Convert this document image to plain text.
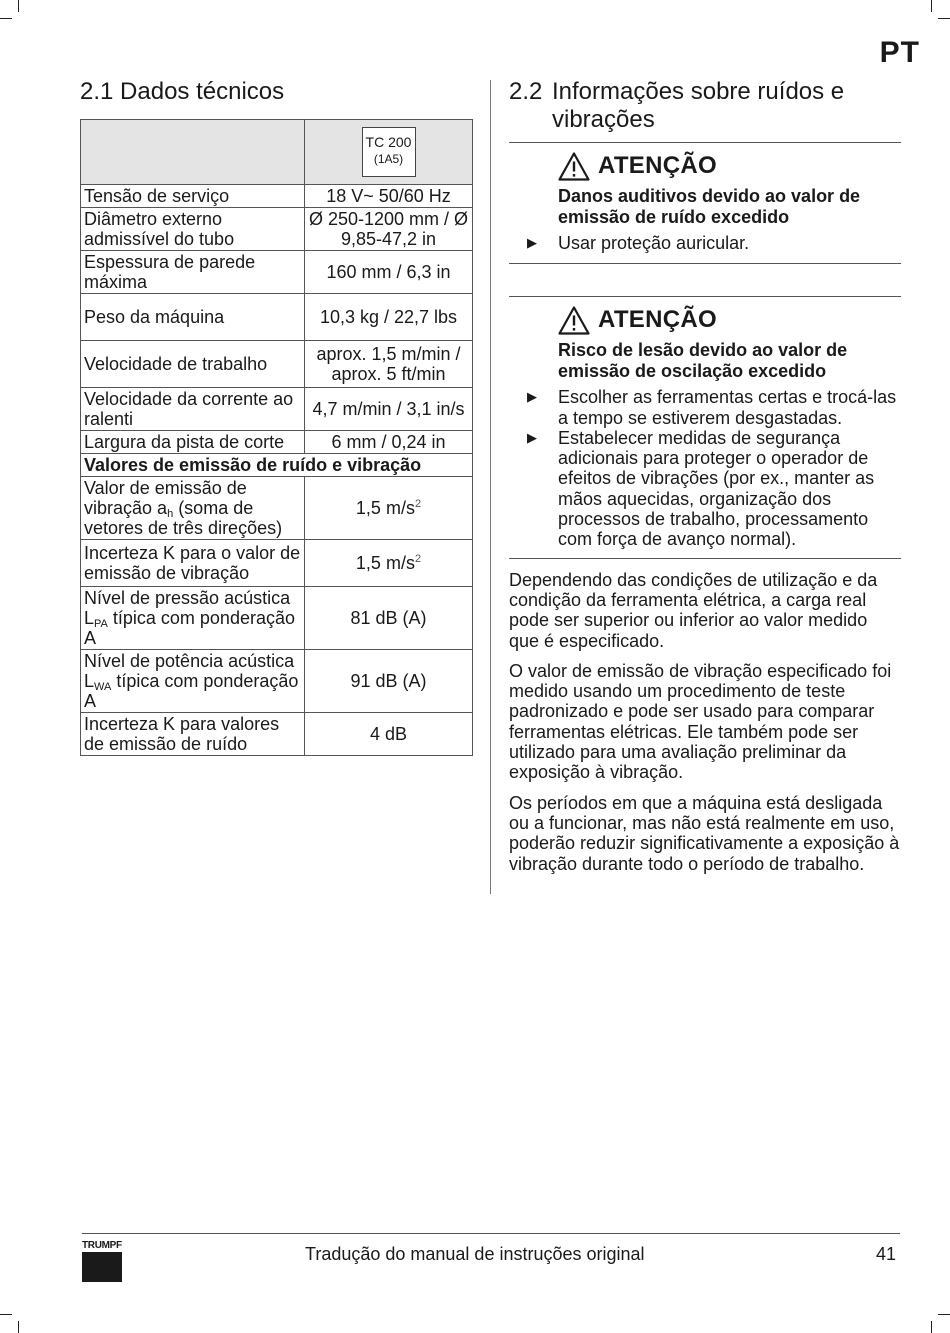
PT
2.1 Dados técnicos

	TC 200
(1A5)

Tensão de serviço	18 V~ 50/60 Hz
Diâmetro externo admissível do tubo	Ø 250-1200 mm / Ø 9,85-47,2 in
Espessura de parede máxima	160 mm / 6,3 in
Peso da máquina	10,3 kg / 22,7 lbs
Velocidade de trabalho	aprox. 1,5 m/min / aprox. 5 ft/min
Velocidade da corrente ao ralenti	4,7 m/min / 3,1 in/s
Largura da pista de corte	6 mm / 0,24 in
Valores de emissão de ruído e vibração	
Valor de emissão de vibração $a_h$ (soma de vetores de três direções)	1,5 $m/s^2$
Incerteza K para o valor de emissão de vibração	1,5 $m/s^2$
Nível de pressão acústica $L_{PA}$ típica com ponderação A	81 dB (A)
Nível de potência acústica $L_{WA}$ típica com ponderação A	91 dB (A)
Incerteza K para valores de emissão de ruído	4 dB
2.2 Informações sobre ruídos e
vibrações
ATENÇÃO
Danos auditivos devido ao valor de emissão de ruído excedido
▶ Usar proteção auricular.
ATENÇÃO
Risco de lesão devido ao valor de emissão de oscilação excedido
▶ Escolher as ferramentas certas e trocá-las a tempo se estiverem desgastadas.
▶ Estabelecer medidas de segurança adicionais para proteger o operador de efeitos de vibrações (por ex., manter as mãos aquecidas, organização dos processos de trabalho, processamento com força de avanço normal).

Dependendo das condições de utilização e da condição da ferramenta elétrica, a carga real pode ser superior ou inferior ao valor medido que é especificado.

O valor de emissão de vibração especificado foi medido usando um procedimento de teste padronizado e pode ser usado para comparar ferramentas elétricas. Ele também pode ser utilizado para uma avaliação preliminar da exposição à vibração.

Os períodos em que a máquina está desligada ou a funcionar, mas não está realmente em uso, poderão reduzir significativamente a exposição à vibração durante todo o período de trabalho.

TRUMPF	Tradução do manual de instruções original	41
